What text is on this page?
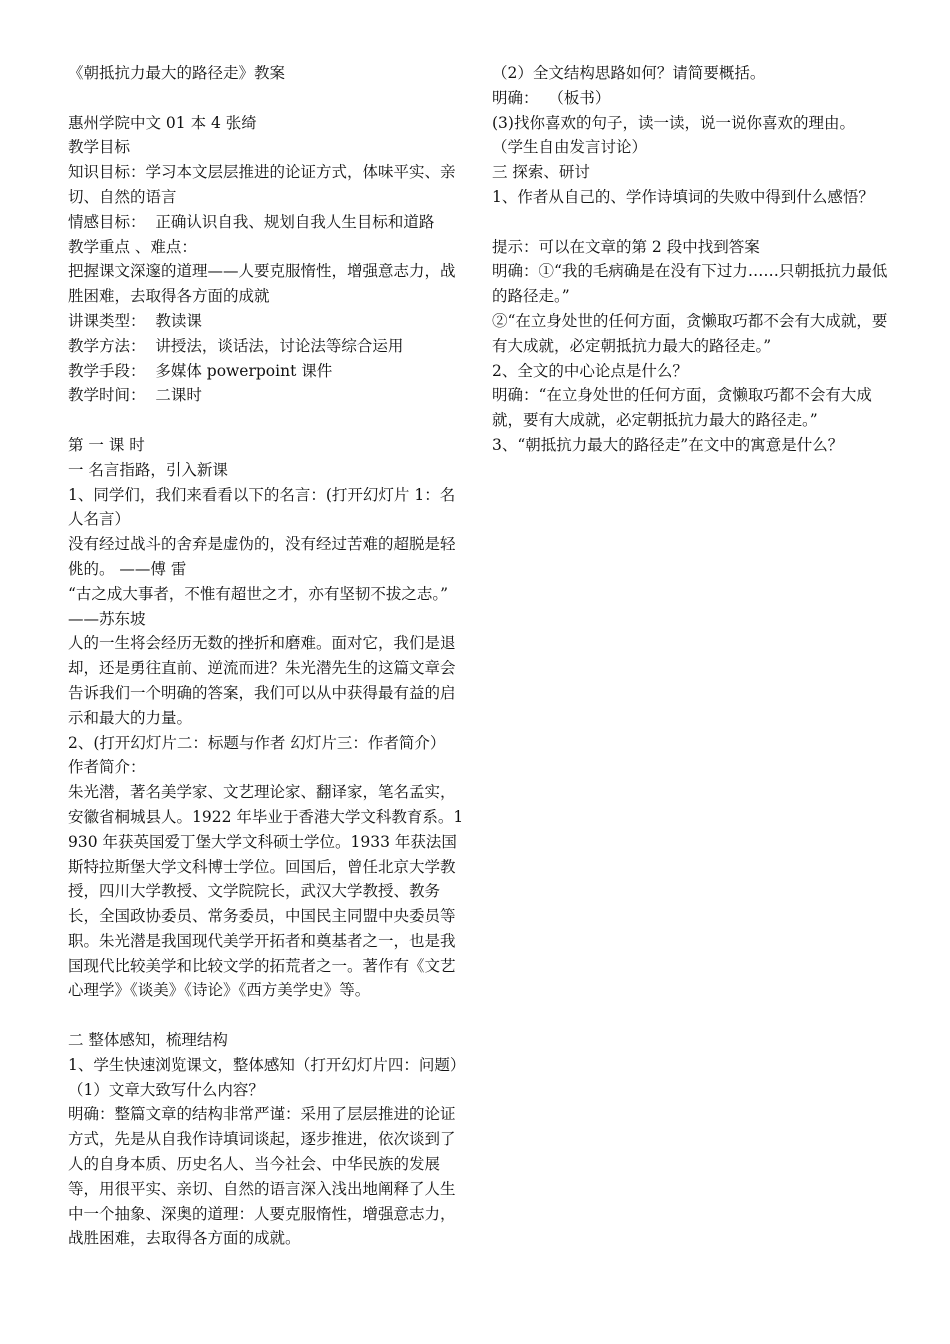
《朝抵抗力最大的路径走》教案
惠州学院中文 01 本 4 张绮
教学目标
知识目标：学习本文层层推进的论证方式，体味平实、亲切、自然的语言
情感目标：  正确认识自我、规划自我人生目标和道路
教学重点 、难点：
把握课文深邃的道理——人要克服惰性，增强意志力，战胜困难，去取得各方面的成就
讲课类型：  教读课
教学方法：  讲授法，谈话法，讨论法等综合运用
教学手段：  多媒体 powerpoint 课件
教学时间：  二课时
第 一 课 时
一 名言指路，引入新课
1、同学们，我们来看看以下的名言：(打开幻灯片 1：名人名言）
没有经过战斗的舍弃是虚伪的，没有经过苦难的超脱是轻佻的。 ——傅 雷
“古之成大事者，不惟有超世之才，亦有坚韧不拔之志。”  ——苏东坡
人的一生将会经历无数的挫折和磨难。面对它，我们是退却，还是勇往直前、逆流而进？朱光潜先生的这篇文章会告诉我们一个明确的答案，我们可以从中获得最有益的启示和最大的力量。
2、(打开幻灯片二：标题与作者 幻灯片三：作者简介）
作者简介：
朱光潜，著名美学家、文艺理论家、翻译家，笔名孟实，安徽省桐城县人。1922 年毕业于香港大学文科教育系。1930 年获英国爱丁堡大学文科硕士学位。1933 年获法国斯特拉斯堡大学文科博士学位。回国后，曾任北京大学教授，四川大学教授、文学院院长，武汉大学教授、教务长，全国政协委员、常务委员，中国民主同盟中央委员等职。朱光潜是我国现代美学开拓者和奠基者之一，也是我国现代比较美学和比较文学的拓荒者之一。著作有《文艺心理学》《谈美》《诗论》《西方美学史》等。
二 整体感知，梳理结构
1、学生快速浏览课文，整体感知（打开幻灯片四：问题）
（1）文章大致写什么内容？
明确：整篇文章的结构非常严谨：采用了层层推进的论证方式，先是从自我作诗填词谈起，逐步推进，依次谈到了人的自身本质、历史名人、当今社会、中华民族的发展等，用很平实、亲切、自然的语言深入浅出地阐释了人生中一个抽象、深奥的道理：人要克服惰性，增强意志力，战胜困难，去取得各方面的成就。
（2）全文结构思路如何？请简要概括。
明确：  （板书）
(3)找你喜欢的句子，读一读，说一说你喜欢的理由。
（学生自由发言讨论）
三 探索、研讨
1、作者从自己的、学作诗填词的失败中得到什么感悟？
提示：可以在文章的第 2 段中找到答案
明确：①“我的毛病确是在没有下过力……只朝抵抗力最低的路径走。”
②“在立身处世的任何方面，贪懒取巧都不会有大成就，要有大成就，必定朝抵抗力最大的路径走。”
2、全文的中心论点是什么？
明确：“在立身处世的任何方面，贪懒取巧都不会有大成就，要有大成就，必定朝抵抗力最大的路径走。”
3、“朝抵抗力最大的路径走”在文中的寓意是什么？
